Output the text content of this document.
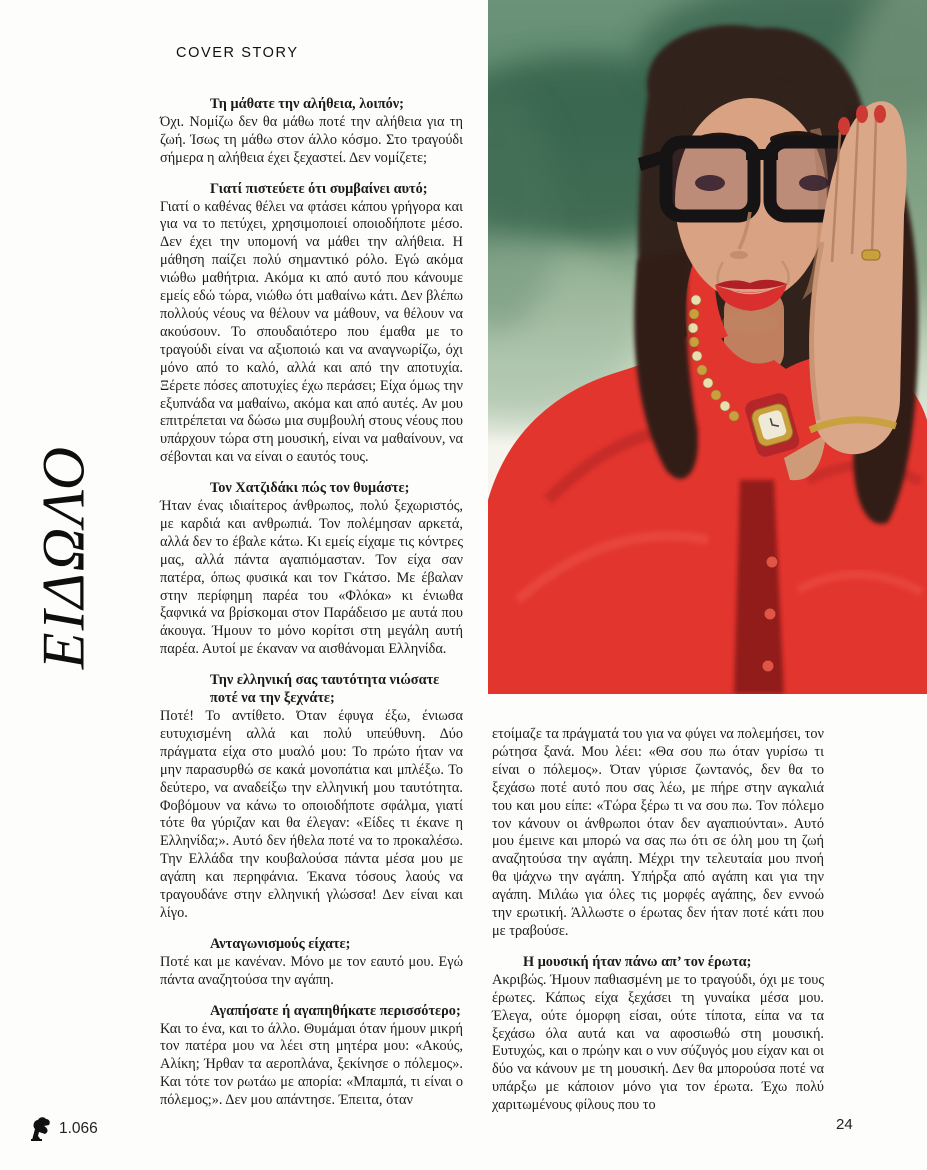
COVER STORY
ΕΙΔΩΛΟ

Τη μάθατε την αλήθεια, λοιπόν;

Όχι. Νομίζω δεν θα μάθω ποτέ την αλήθεια για τη ζωή. Ίσως τη μάθω στον άλλο κόσμο. Στο τραγούδι σήμερα η αλήθεια έχει ξεχαστεί. Δεν νομίζετε;

Γιατί πιστεύετε ότι συμβαίνει αυτό;

Γιατί ο καθένας θέλει να φτάσει κάπου γρήγορα και για να το πετύχει, χρησιμοποιεί οποιοδήποτε μέσο. Δεν έχει την υπομονή να μάθει την αλήθεια. Η μάθηση παίζει πολύ σημαντικό ρόλο. Εγώ ακόμα νιώθω μαθήτρια. Ακόμα κι από αυτό που κάνουμε εμείς εδώ τώρα, νιώθω ότι μαθαίνω κάτι. Δεν βλέπω πολλούς νέους να θέλουν να μάθουν, να θέλουν να ακούσουν. Το σπουδαιότερο που έμαθα με το τραγούδι είναι να αξιοποιώ και να αναγνωρίζω, όχι μόνο από το καλό, αλλά και από την αποτυχία. Ξέρετε πόσες αποτυχίες έχω περάσει; Είχα όμως την εξυπνάδα να μαθαίνω, ακόμα και από αυτές. Αν μου επιτρέπεται να δώσω μια συμβουλή στους νέους που υπάρχουν τώρα στη μουσική, είναι να μαθαίνουν, να σέβονται και να είναι ο εαυτός τους.

Τον Χατζιδάκι πώς τον θυμάστε;

Ήταν ένας ιδιαίτερος άνθρωπος, πολύ ξεχωριστός, με καρδιά και ανθρωπιά. Τον πολέμησαν αρκετά, αλλά δεν το έβαλε κάτω. Κι εμείς είχαμε τις κόντρες μας, αλλά πάντα αγαπιόμασταν. Τον είχα σαν πατέρα, όπως φυσικά και τον Γκάτσο. Με έβαλαν στην περίφημη παρέα του «Φλόκα» κι ένιωθα ξαφνικά να βρίσκομαι στον Παράδεισο με αυτά που άκουγα. Ήμουν το μόνο κορίτσι στη μεγάλη αυτή παρέα. Αυτοί με έκαναν να αισθάνομαι Ελληνίδα.

Την ελληνική σας ταυτότητα νιώσατε ποτέ να την ξεχνάτε;

Ποτέ! Το αντίθετο. Όταν έφυγα έξω, ένιωσα ευτυχισμένη αλλά και πολύ υπεύθυνη. Δύο πράγματα είχα στο μυαλό μου: Το πρώτο ήταν να μην παρασυρθώ σε κακά μονοπάτια και μπλέξω. Το δεύτερο, να αναδείξω την ελληνική μου ταυτότητα. Φοβόμουν να κάνω το οποιοδήποτε σφάλμα, γιατί τότε θα γύριζαν και θα έλεγαν: «Είδες τι έκανε η Ελληνίδα;». Αυτό δεν ήθελα ποτέ να το προκαλέσω. Την Ελλάδα την κουβαλούσα πάντα μέσα μου με αγάπη και περηφάνια. Έκανα τόσους λαούς να τραγουδάνε στην ελληνική γλώσσα! Δεν είναι και λίγο.

Ανταγωνισμούς είχατε;

Ποτέ και με κανέναν. Μόνο με τον εαυτό μου. Εγώ πάντα αναζητούσα την αγάπη.

Αγαπήσατε ή αγαπηθήκατε περισσότερο;

Και το ένα, και το άλλο. Θυμάμαι όταν ήμουν μικρή τον πατέρα μου να λέει στη μητέρα μου: «Ακούς, Αλίκη; Ήρθαν τα αεροπλάνα, ξεκίνησε ο πόλεμος». Και τότε τον ρωτάω με απορία: «Μπαμπά, τι είναι ο πόλεμος;». Δεν μου απάντησε. Έπειτα, όταν

ετοίμαζε τα πράγματά του για να φύγει να πολεμήσει, τον ρώτησα ξανά. Μου λέει: «Θα σου πω όταν γυρίσω τι είναι ο πόλεμος». Όταν γύρισε ζωντανός, δεν θα το ξεχάσω ποτέ αυτό που σας λέω, με πήρε στην αγκαλιά του και μου είπε: «Τώρα ξέρω τι να σου πω. Τον πόλεμο τον κάνουν οι άνθρωποι όταν δεν αγαπιούνται». Αυτό μου έμεινε και μπορώ να σας πω ότι σε όλη μου τη ζωή αναζητούσα την αγάπη. Μέχρι την τελευταία μου πνοή θα ψάχνω την αγάπη. Υπήρξα από αγάπη και για την αγάπη. Μιλάω για όλες τις μορφές αγάπης, δεν εννοώ την ερωτική. Άλλωστε ο έρωτας δεν ήταν ποτέ κάτι που με τραβούσε.

Η μουσική ήταν πάνω απ’ τον έρωτα;

Ακριβώς. Ήμουν παθιασμένη με το τραγούδι, όχι με τους έρωτες. Κάπως είχα ξεχάσει τη γυναίκα μέσα μου. Έλεγα, ούτε όμορφη είσαι, ούτε τίποτα, είπα να τα ξεχάσω όλα αυτά και να αφοσιωθώ στη μουσική. Ευτυχώς, και ο πρώην και ο νυν σύζυγός μου είχαν και οι δύο να κάνουν με τη μουσική. Δεν θα μπορούσα ποτέ να υπάρξω με κάποιον μόνο για τον έρωτα. Έχω πολύ χαριτωμένους φίλους που το

1.066	24
